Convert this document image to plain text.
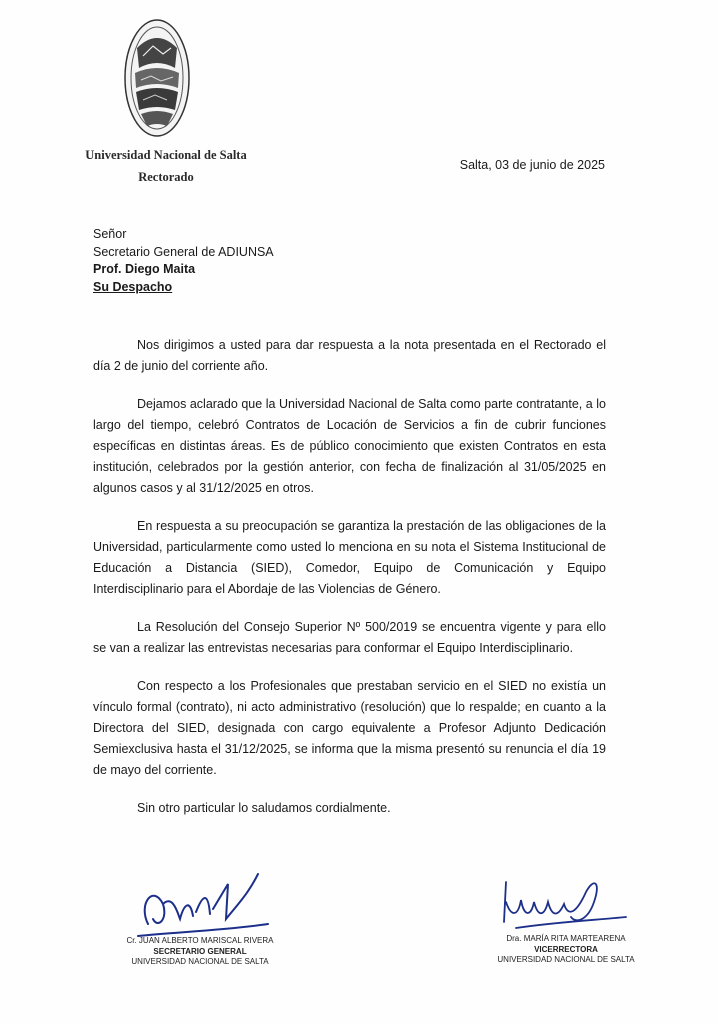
Universidad Nacional de Salta
Rectorado
Salta, 03 de junio de 2025
Señor
Secretario General de ADIUNSA
Prof. Diego Maita
Su Despacho

Nos dirigimos a usted para dar respuesta a la nota presentada en el Rectorado el día 2 de junio del corriente año.

Dejamos aclarado que la Universidad Nacional de Salta como parte contratante, a lo largo del tiempo, celebró Contratos de Locación de Servicios a fin de cubrir funciones específicas en distintas áreas. Es de público conocimiento que existen Contratos en esta institución, celebrados por la gestión anterior, con fecha de finalización al 31/05/2025 en algunos casos y al 31/12/2025 en otros.

En respuesta a su preocupación se garantiza la prestación de las obligaciones de la Universidad, particularmente como usted lo menciona en su nota el Sistema Institucional de Educación a Distancia (SIED), Comedor, Equipo de Comunicación y Equipo Interdisciplinario para el Abordaje de las Violencias de Género.

La Resolución del Consejo Superior Nº 500/2019 se encuentra vigente y para ello se van a realizar las entrevistas necesarias para conformar el Equipo Interdisciplinario.

Con respecto a los Profesionales que prestaban servicio en el SIED no existía un vínculo formal (contrato), ni acto administrativo (resolución) que lo respalde; en cuanto a la Directora del SIED, designada con cargo equivalente a Profesor Adjunto Dedicación Semiexclusiva hasta el 31/12/2025, se informa que la misma presentó su renuncia el día 19 de mayo del corriente.

Sin otro particular lo saludamos cordialmente.

Cr. JUAN ALBERTO MARISCAL RIVERA
SECRETARIO GENERAL
UNIVERSIDAD NACIONAL DE SALTA
Dra. MARÍA RITA MARTEARENA
VICERRECTORA
UNIVERSIDAD NACIONAL DE SALTA
